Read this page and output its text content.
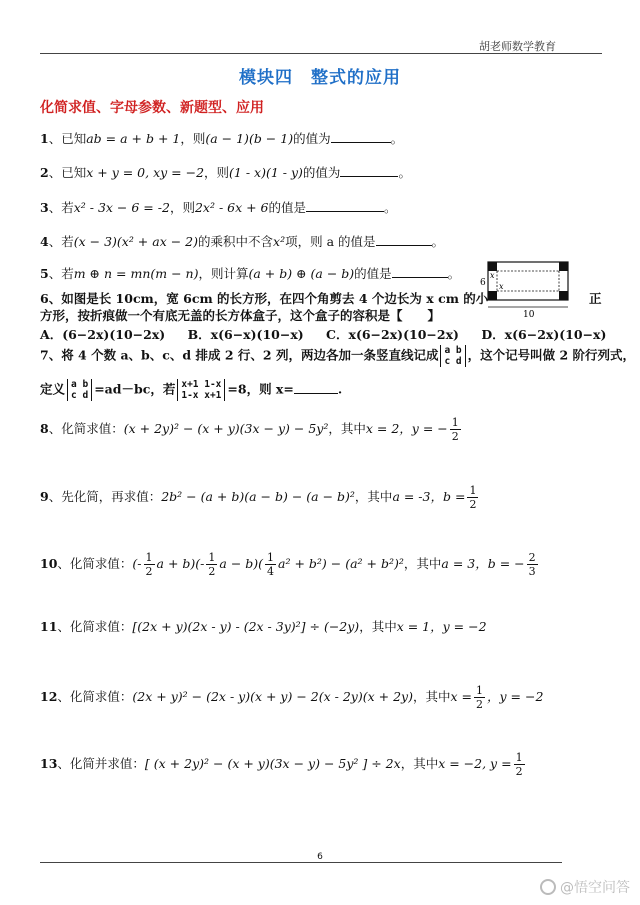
胡老师数学教育
模块四　整式的应用
化简求值、字母参数、新题型、应用
1、已知ab = a + b + 1，则(a − 1)(b − 1)的值为	。
2、已知x + y = 0, xy = −2，则(1 - x)(1 - y)的值为	。
3、若x² - 3x − 6 = -2，则2x² - 6x + 6的值是	。
4、若(x − 3)(x² + ax − 2)的乘积中不含x²项，则 a 的值是	。
5、若m ⊕ n = mn(m − n)，则计算(a + b) ⊕ (a − b)的值是	。
6
x
x
10
6、如图是长 10cm，宽 6cm 的长方形，在四个角剪去 4 个边长为 x cm 的小	正
方形，按折痕做一个有底无盖的长方体盒子，这个盒子的容积是【　　】
A．(6−2x)(10−2x) B．x(6−x)(10−x) C．x(6−2x)(10−2x) D．x(6−2x)(10−x)
7、将 4 个数 a、b、c、d 排成 2 行、2 列，两边各加一条竖直线记成 a b
c d ，这个记号叫做 2 阶行列式，
定义 a b
c d =ad－bc，若 x+1 1-x
1-x x+1 =8，则 x=	.
8、化简求值：(x + 2y)² − (x + y)(3x − y) − 5y²，其中x = 2，y = − $\frac{1}{2}$
9、先化简，再求值：2b² − (a + b)(a − b) − (a − b)²，其中a = -3，$b = \frac{1}{2}$
10、化简求值：(- $\frac{1}{2}$ $a + b)(- \frac{1}{2}$ $a - b)( \frac{1}{4} a^2 + b^2) - (a^2 + b^2)^2$，其中a = 3，b = − $\frac{2}{3}$
11、化简求值：[(2x + y)(2x - y) - (2x - 3y)²] ÷ (−2y)，其中x = 1，y = −2
12、化简求值：(2x + y)² − (2x - y)(x + y) − 2(x - 2y)(x + 2y)，其中$x = \frac{1}{2}$ ，y = −2
13、化简并求值：[ (x + 2y)² − (x + y)(3x − y) − 5y² ] ÷ 2x，其中x = −2, $y = \frac{1}{2}$
6
@悟空问答
